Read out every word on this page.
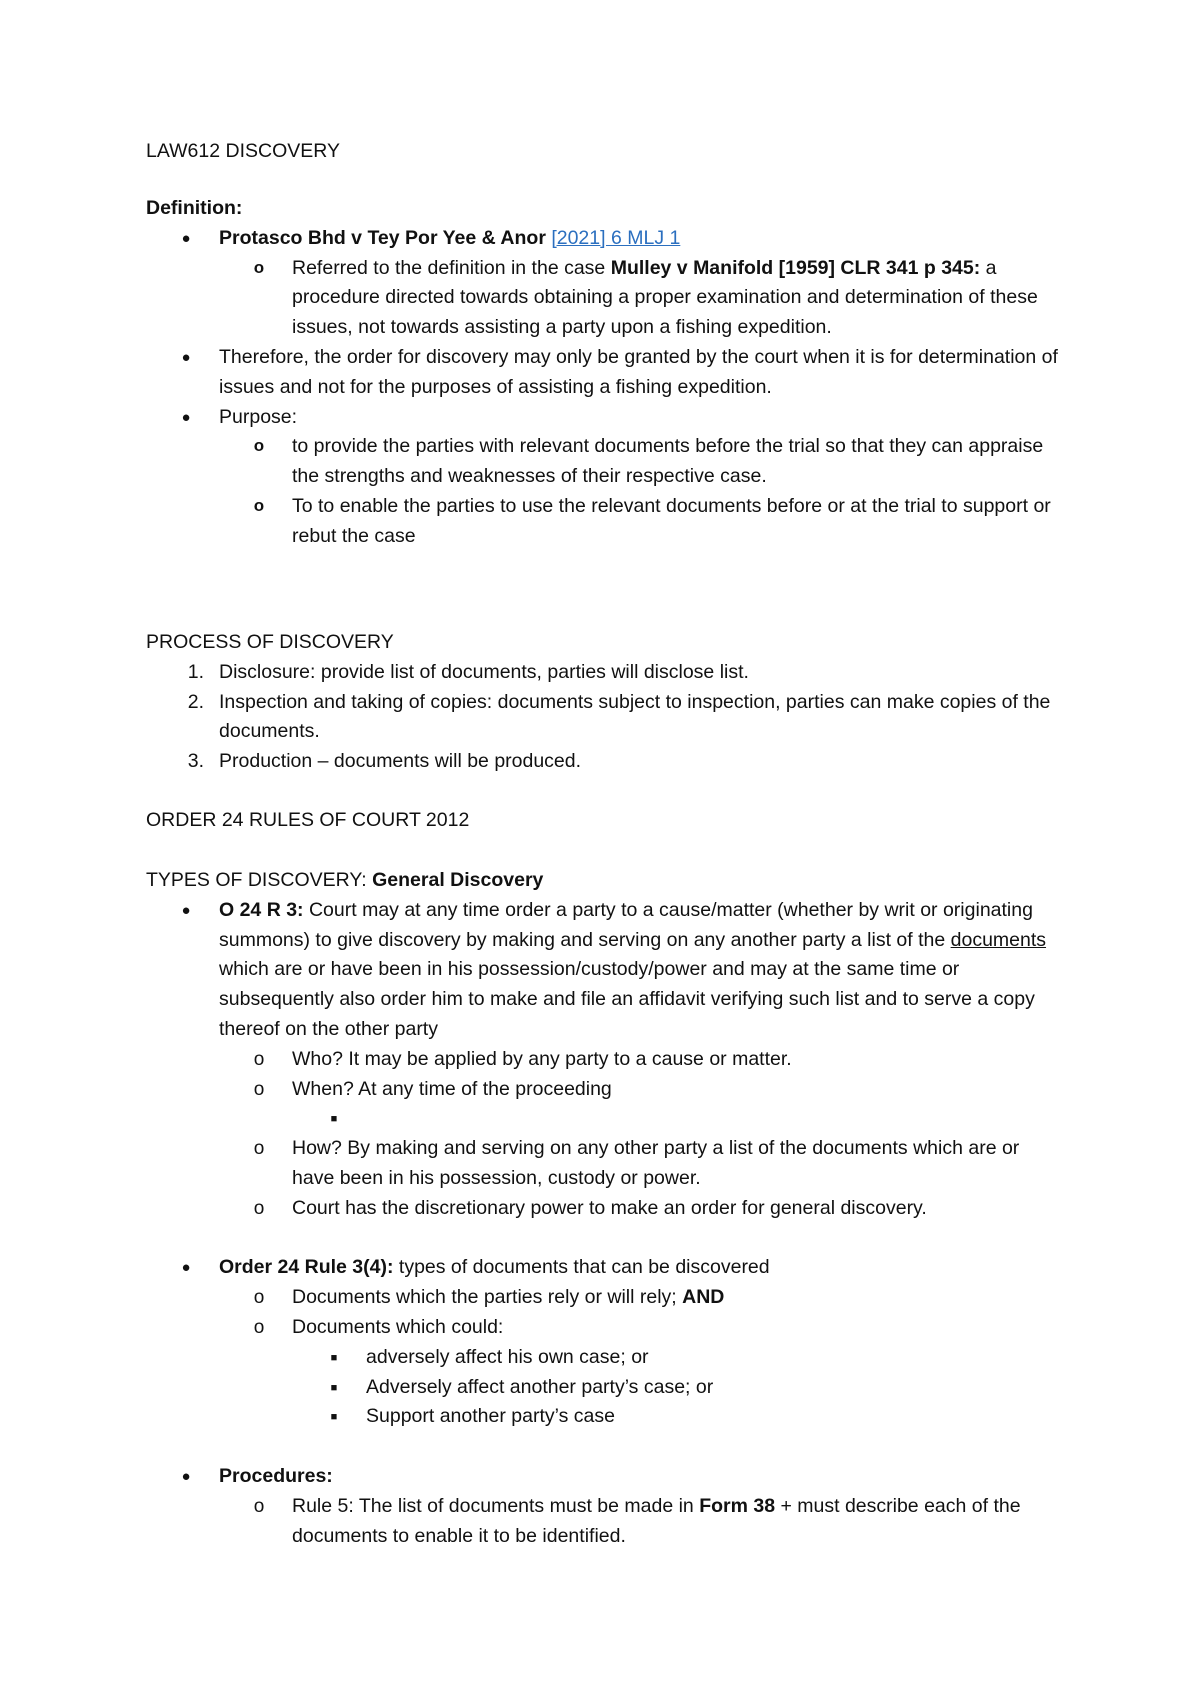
LAW612 DISCOVERY

Definition:

● Protasco Bhd v Tey Por Yee & Anor [2021] 6 MLJ 1
o Referred to the definition in the case Mulley v Manifold [1959] CLR 341 p 345: a procedure directed towards obtaining a proper examination and determination of these issues, not towards assisting a party upon a fishing expedition.
● Therefore, the order for discovery may only be granted by the court when it is for determination of issues and not for the purposes of assisting a fishing expedition.
● Purpose:
o to provide the parties with relevant documents before the trial so that they can appraise the strengths and weaknesses of their respective case.
o To to enable the parties to use the relevant documents before or at the trial to support or rebut the case

PROCESS OF DISCOVERY

1. Disclosure: provide list of documents, parties will disclose list.
2. Inspection and taking of copies: documents subject to inspection, parties can make copies of the documents.
3. Production – documents will be produced.

ORDER 24 RULES OF COURT 2012

TYPES OF DISCOVERY: General Discovery

● O 24 R 3: Court may at any time order a party to a cause/matter (whether by writ or originating summons) to give discovery by making and serving on any another party a list of the documents which are or have been in his possession/custody/power and may at the same time or subsequently also order him to make and file an affidavit verifying such list and to serve a copy thereof on the other party
o Who? It may be applied by any party to a cause or matter.
o When? At any time of the proceeding
■

o How? By making and serving on any other party a list of the documents which are or have been in his possession, custody or power.
o Court has the discretionary power to make an order for general discovery.
● Order 24 Rule 3(4): types of documents that can be discovered
o Documents which the parties rely or will rely; AND
o Documents which could:
■ adversely affect his own case; or
■ Adversely affect another party’s case; or
■ Support another party’s case
● Procedures:
o Rule 5: The list of documents must be made in Form 38 + must describe each of the documents to enable it to be identified.
